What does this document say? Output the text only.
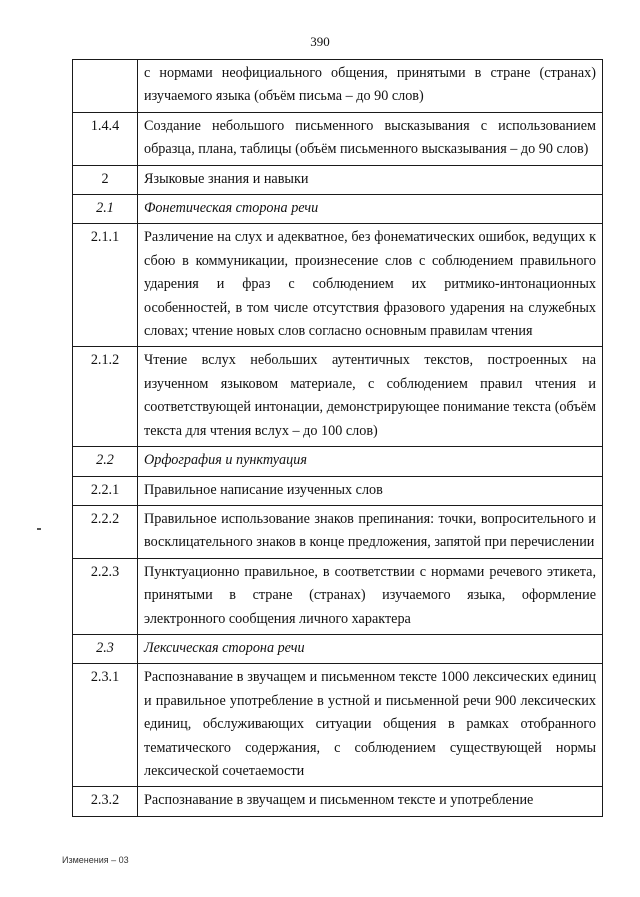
390
	с нормами неофициального общения, принятыми в стране (странах) изучаемого языка (объём письма – до 90 слов)
1.4.4	Создание небольшого письменного высказывания с использованием образца, плана, таблицы (объём письменного высказывания – до 90 слов)
2	Языковые знания и навыки
2.1	Фонетическая сторона речи
2.1.1	Различение на слух и адекватное, без фонематических ошибок, ведущих к сбою в коммуникации, произнесение слов с соблюдением правильного ударения и фраз с соблюдением их ритмико-интонационных особенностей, в том числе отсутствия фразового ударения на служебных словах; чтение новых слов согласно основным правилам чтения
2.1.2	Чтение вслух небольших аутентичных текстов, построенных на изученном языковом материале, с соблюдением правил чтения и соответствующей интонации, демонстрирующее понимание текста (объём текста для чтения вслух – до 100 слов)
2.2	Орфография и пунктуация
2.2.1	Правильное написание изученных слов
2.2.2	Правильное использование знаков препинания: точки, вопросительного и восклицательного знаков в конце предложения, запятой при перечислении
2.2.3	Пунктуационно правильное, в соответствии с нормами речевого этикета, принятыми в стране (странах) изучаемого языка, оформление электронного сообщения личного характера
2.3	Лексическая сторона речи
2.3.1	Распознавание в звучащем и письменном тексте 1000 лексических единиц и правильное употребление в устной и письменной речи 900 лексических единиц, обслуживающих ситуации общения в рамках отобранного тематического содержания, с соблюдением существующей нормы лексической сочетаемости
2.3.2	Распознавание в звучащем и письменном тексте и употребление
Изменения – 03
